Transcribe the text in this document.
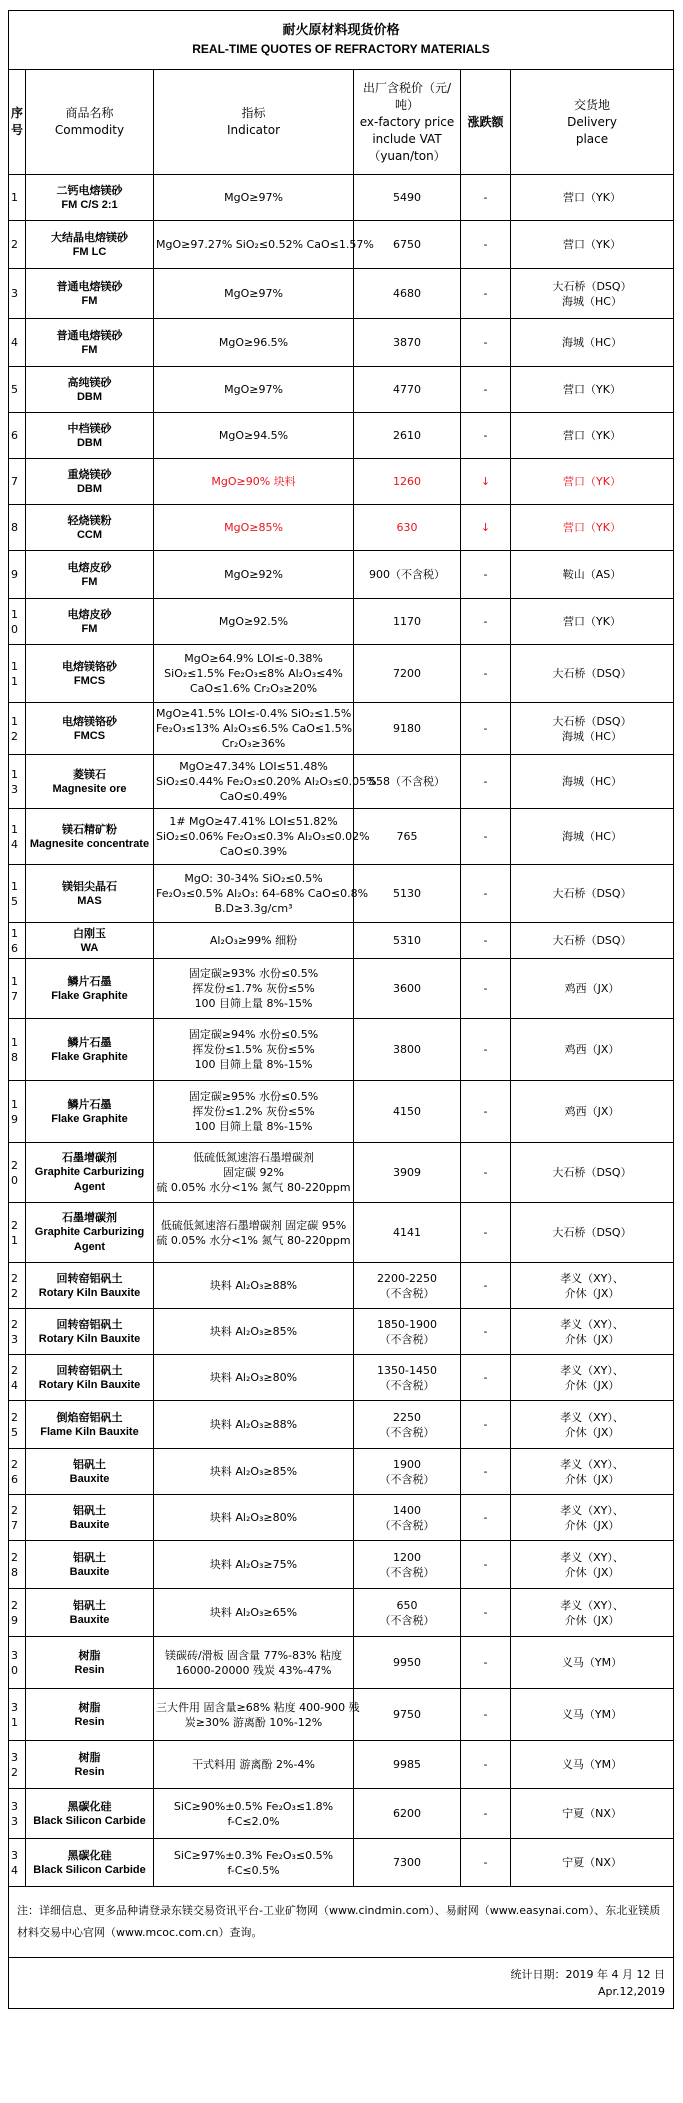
耐火原材料现货价格
REAL-TIME QUOTES OF REFRACTORY MATERIALS					

序号	商品名称
Commodity	指标
Indicator	出厂含税价（元/
吨）
ex-factory price
include VAT
（yuan/ton）	涨跌额	交货地
Delivery
place

1	二钙电熔镁砂
FM C/S 2:1	MgO≥97%	5490	-	营口（YK）

2	大结晶电熔镁砂
FM LC	MgO≥97.27% SiO₂≤0.52% CaO≤1.57%	6750	-	营口（YK）

3	普通电熔镁砂
FM	MgO≥97%	4680	-	大石桥（DSQ）
海城（HC）

4	普通电熔镁砂
FM	MgO≥96.5%	3870	-	海城（HC）

5	高纯镁砂
DBM	MgO≥97%	4770	-	营口（YK）

6	中档镁砂
DBM	MgO≥94.5%	2610	-	营口（YK）

7	重烧镁砂
DBM	MgO≥90% 块料	1260	↓	营口（YK）

8	轻烧镁粉
CCM	MgO≥85%	630	↓	营口（YK）

9	电熔皮砂
FM	MgO≥92%	900（不含税）	-	鞍山（AS）

10	电熔皮砂
FM	MgO≥92.5%	1170	-	营口（YK）

11	电熔镁铬砂
FMCS	MgO≥64.9% LOI≤-0.38%
SiO₂≤1.5% Fe₂O₃≤8% Al₂O₃≤4%
CaO≤1.6% Cr₂O₃≥20%	7200	-	大石桥（DSQ）

12	电熔镁铬砂
FMCS	MgO≥41.5% LOI≤-0.4% SiO₂≤1.5%
Fe₂O₃≤13% Al₂O₃≤6.5% CaO≤1.5%
Cr₂O₃≥36%	9180	-	大石桥（DSQ）
海城（HC）

13	菱镁石
Magnesite ore	MgO≥47.34% LOI≤51.48%
SiO₂≤0.44% Fe₂O₃≤0.20% Al₂O₃≤0.05%
CaO≤0.49%	558（不含税）	-	海城（HC）

14	镁石精矿粉
Magnesite concentrate	1# MgO≥47.41% LOI≤51.82%
SiO₂≤0.06% Fe₂O₃≤0.3% Al₂O₃≤0.02%
CaO≤0.39%	765	-	海城（HC）

15	镁铝尖晶石
MAS	MgO: 30-34% SiO₂≤0.5%
Fe₂O₃≤0.5% Al₂O₃: 64-68% CaO≤0.8%
B.D≥3.3g/cm³	5130	-	大石桥（DSQ）

16	白刚玉
WA	Al₂O₃≥99% 细粉	5310	-	大石桥（DSQ）

17	鳞片石墨
Flake Graphite	固定碳≥93% 水份≤0.5%
挥发份≤1.7% 灰份≤5%
100 目筛上量 8%-15%	3600	-	鸡西（JX）

18	鳞片石墨
Flake Graphite	固定碳≥94% 水份≤0.5%
挥发份≤1.5% 灰份≤5%
100 目筛上量 8%-15%	3800	-	鸡西（JX）

19	鳞片石墨
Flake Graphite	固定碳≥95% 水份≤0.5%
挥发份≤1.2% 灰份≤5%
100 目筛上量 8%-15%	4150	-	鸡西（JX）

20	石墨增碳剂
Graphite Carburizing Agent	低硫低氮速溶石墨增碳剂
固定碳 92%
硫 0.05% 水分<1% 氮气 80-220ppm	3909	-	大石桥（DSQ）

21	石墨增碳剂
Graphite Carburizing Agent	低硫低氮速溶石墨增碳剂 固定碳 95%
硫 0.05% 水分<1% 氮气 80-220ppm	4141	-	大石桥（DSQ）

22	回转窑铝矾土
Rotary Kiln Bauxite	块料 Al₂O₃≥88%	2200-2250
（不含税）	-	孝义（XY）、
介休（JX）

23	回转窑铝矾土
Rotary Kiln Bauxite	块料 Al₂O₃≥85%	1850-1900
（不含税）	-	孝义（XY）、
介休（JX）

24	回转窑铝矾土
Rotary Kiln Bauxite	块料 Al₂O₃≥80%	1350-1450
（不含税）	-	孝义（XY）、
介休（JX）

25	倒焰窑铝矾土
Flame Kiln Bauxite	块料 Al₂O₃≥88%	2250
（不含税）	-	孝义（XY）、
介休（JX）

26	铝矾土
Bauxite	块料 Al₂O₃≥85%	1900
（不含税）	-	孝义（XY）、
介休（JX）

27	铝矾土
Bauxite	块料 Al₂O₃≥80%	1400
（不含税）	-	孝义（XY）、
介休（JX）

28	铝矾土
Bauxite	块料 Al₂O₃≥75%	1200
（不含税）	-	孝义（XY）、
介休（JX）

29	铝矾土
Bauxite	块料 Al₂O₃≥65%	650
（不含税）	-	孝义（XY）、
介休（JX）

30	树脂
Resin	镁碳砖/滑板 固含量 77%-83% 粘度
16000-20000 残炭 43%-47%	9950	-	义马（YM）

31	树脂
Resin	三大件用 固含量≥68% 粘度 400-900 残
炭≥30% 游离酚 10%-12%	9750	-	义马（YM）

32	树脂
Resin	干式料用 游离酚 2%-4%	9985	-	义马（YM）

33	黑碳化硅
Black Silicon Carbide	SiC≥90%±0.5% Fe₂O₃≤1.8%
f-C≤2.0%	6200	-	宁夏（NX）

34	黑碳化硅
Black Silicon Carbide	SiC≥97%±0.3% Fe₂O₃≤0.5%
f-C≤0.5%	7300	-	宁夏（NX）

注：详细信息、更多品种请登录东镁交易资讯平台-工业矿物网（www.cindmin.com）、易耐网（www.easynai.com）、东北亚镁质材料交易中心官网（www.mcoc.com.cn）查询。					

统计日期：2019 年 4 月 12 日
Apr.12,2019					
